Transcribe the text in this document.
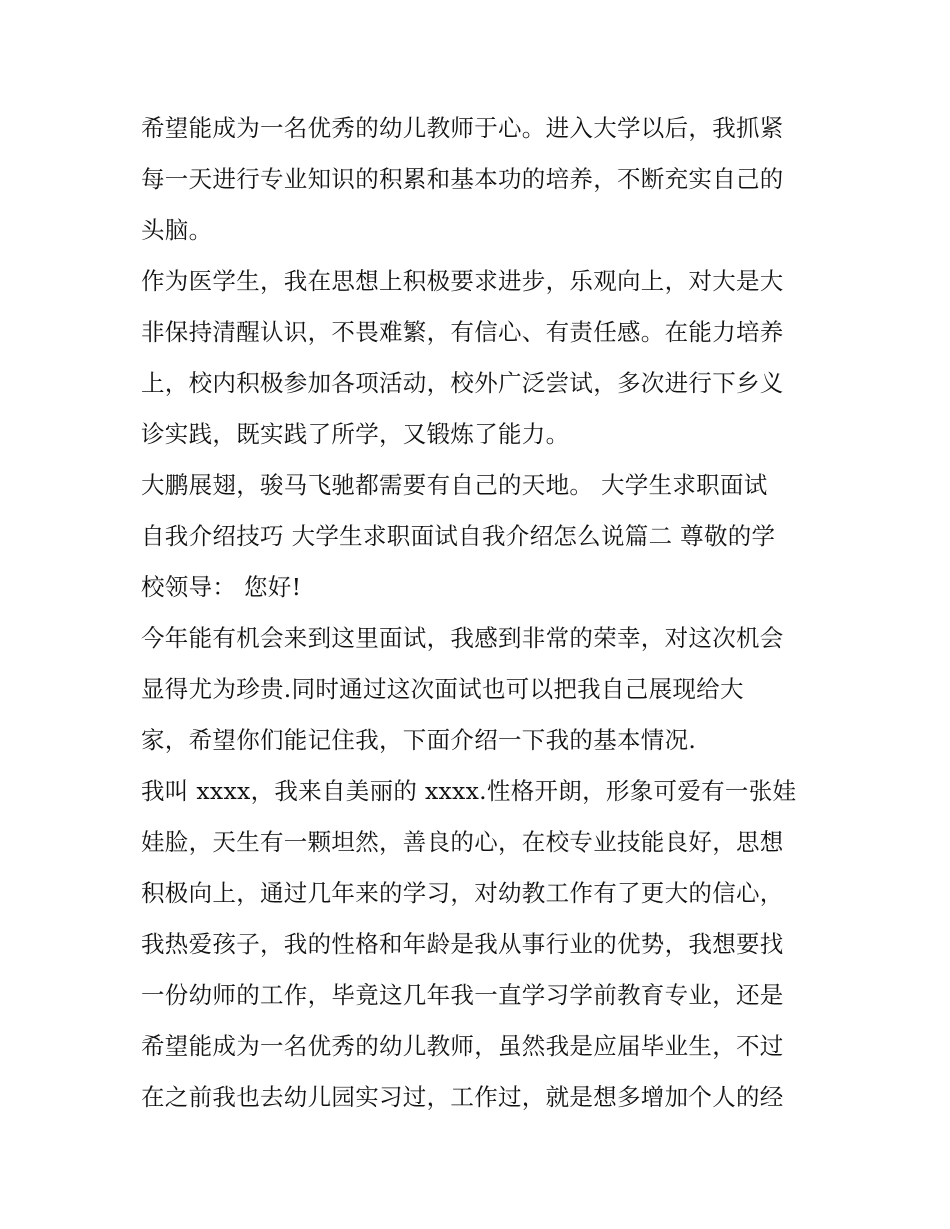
希望能成为一名优秀的幼儿教师于心。进入大学以后，我抓紧
每一天进行专业知识的积累和基本功的培养，不断充实自己的
头脑。
作为医学生，我在思想上积极要求进步，乐观向上，对大是大
非保持清醒认识，不畏难繁，有信心、有责任感。在能力培养
上，校内积极参加各项活动，校外广泛尝试，多次进行下乡义
诊实践，既实践了所学，又锻炼了能力。
大鹏展翅，骏马飞驰都需要有自己的天地。 大学生求职面试
自我介绍技巧 大学生求职面试自我介绍怎么说篇二 尊敬的学
校领导： 您好!
今年能有机会来到这里面试，我感到非常的荣幸，对这次机会
显得尤为珍贵.同时通过这次面试也可以把我自己展现给大
家，希望你们能记住我，下面介绍一下我的基本情况.
我叫 xxxx，我来自美丽的 xxxx.性格开朗，形象可爱有一张娃
娃脸，天生有一颗坦然，善良的心，在校专业技能良好，思想
积极向上，通过几年来的学习，对幼教工作有了更大的信心，
我热爱孩子，我的性格和年龄是我从事行业的优势，我想要找
一份幼师的工作，毕竟这几年我一直学习学前教育专业，还是
希望能成为一名优秀的幼儿教师，虽然我是应届毕业生，不过
在之前我也去幼儿园实习过，工作过，就是想多增加个人的经
